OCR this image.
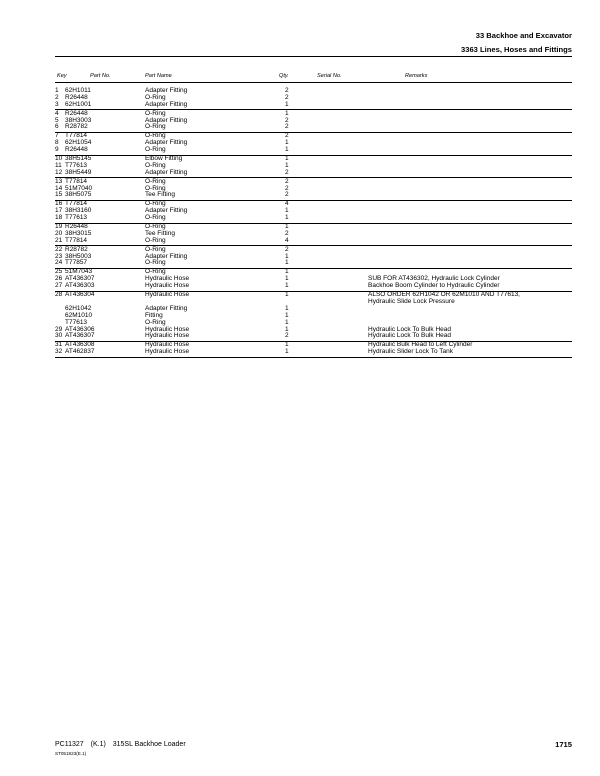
33 Backhoe and Excavator
3363 Lines, Hoses and Fittings
Key	Part No.	Part Name	Qty.	Serial No.	Remarks
1 62H1011	Adapter Fitting	2
2 R26448	O-Ring	2
3 62H1001	Adapter Fitting	1
4 R26448	O-Ring	1
5 38H3003	Adapter Fitting	2
6 R28782	O-Ring	2
7 T77814	O-Ring	2
8 62H1054	Adapter Fitting	1
9 R26448	O-Ring	1
10 38H5145	Elbow Fitting	1
11 T77613	O-Ring	1
12 38H5449	Adapter Fitting	2
13 T77814	O-Ring	2
14 51M7040	O-Ring	2
15 38H5075	Tee Fitting	2
16 T77814	O-Ring	4
17 38H3160	Adapter Fitting	1
18 T77613	O-Ring	1
19 R26448	O-Ring	1
20 38H3015	Tee Fitting	2
21 T77814	O-Ring	4
22 R28782	O-Ring	2
23 38H5003	Adapter Fitting	1
24 T77857	O-Ring	1
25 51M7043	O-Ring	1
26 AT436307	Hydraulic Hose	1	SUB FOR AT436302, Hydraulic Lock Cylinder
27 AT436303	Hydraulic Hose	1	Backhoe Boom Cylinder to Hydraulic Cylinder
28 AT436304	Hydraulic Hose	1	ALSO ORDER 62H1042 OR 62M1010 AND T77613,
Hydraulic Slide Lock Pressure
62H1042	Adapter Fitting	1
62M1010	Fitting	1
T77613	O-Ring	1
29 AT436306	Hydraulic Hose	1	Hydraulic Lock To Bulk Head
30 AT436307	Hydraulic Hose	2	Hydraulic Lock To Bulk Head
31 AT436308	Hydraulic Hose	1	Hydraulic Bulk Head to Left Cylinder
32 AT462837	Hydraulic Hose	1	Hydraulic Slider Lock To Tank
PC11327 (K.1) 315SL Backhoe Loader
ST051823(E.1)
1715
